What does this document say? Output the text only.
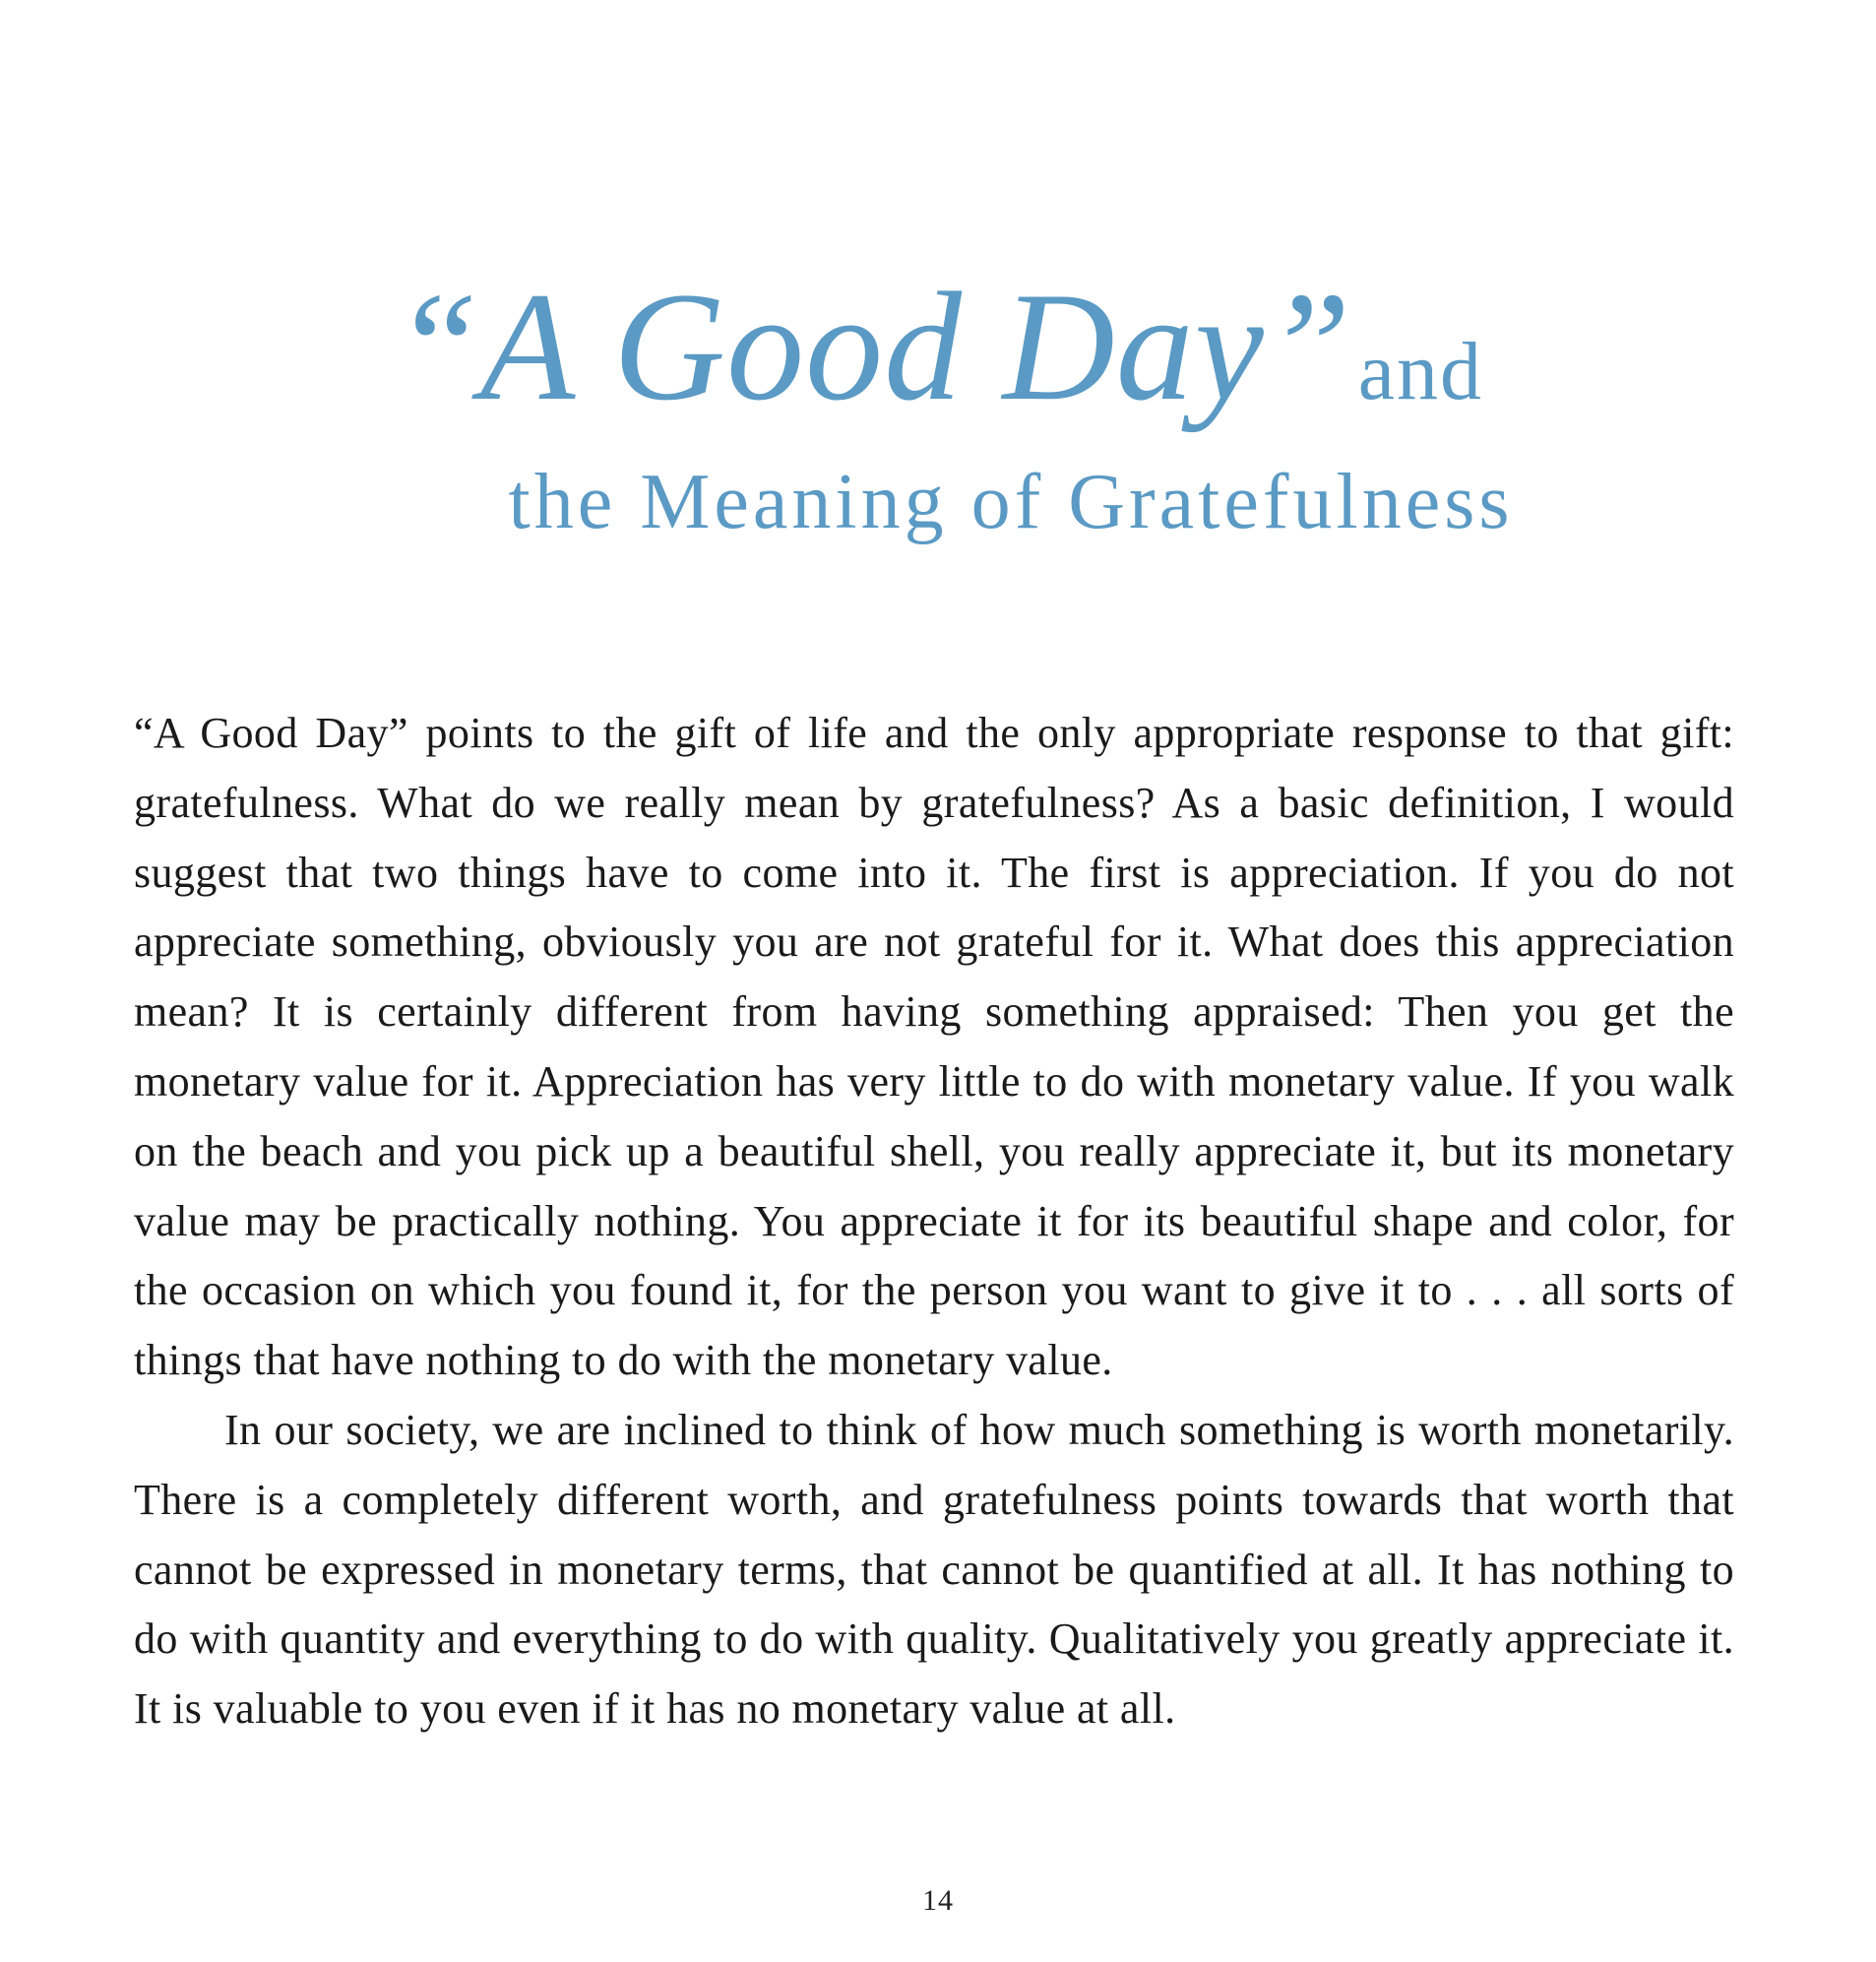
“A Good Day”and
the Meaning of Gratefulness

“A Good Day” points to the gift of life and the only appropriate response to that gift: gratefulness. What do we really mean by gratefulness? As a basic definition, I would suggest that two things have to come into it. The first is appreciation. If you do not appreciate something, obviously you are not grateful for it. What does this appreciation mean? It is certainly different from having something appraised: Then you get the monetary value for it. Appreciation has very little to do with monetary value. If you walk on the beach and you pick up a beautiful shell, you really appreciate it, but its monetary value may be practically nothing. You appreciate it for its beautiful shape and color, for the occasion on which you found it, for the person you want to give it to . . . all sorts of things that have nothing to do with the monetary value.

In our society, we are inclined to think of how much something is worth monetarily. There is a completely different worth, and gratefulness points towards that worth that cannot be expressed in monetary terms, that cannot be quantified at all. It has nothing to do with quantity and everything to do with quality. Qualitatively you greatly appreciate it. It is valuable to you even if it has no monetary value at all.

14
